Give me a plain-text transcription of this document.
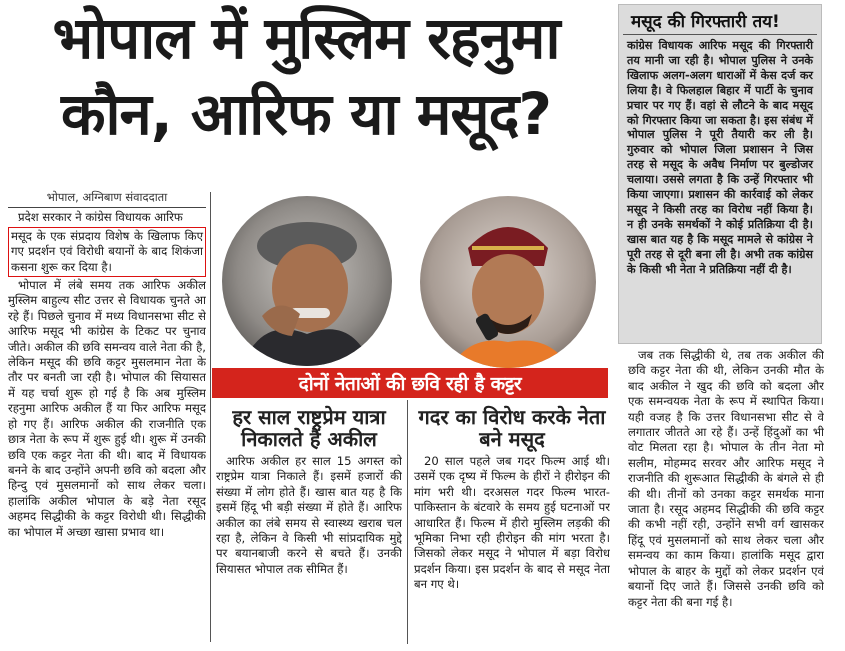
भोपाल में मुस्लिम रहनुमा
कौन, आरिफ या मसूद?
भोपाल, अग्निबाण संवाददाता

प्रदेश सरकार ने कांग्रेस विधायक आरिफ

मसूद के एक संप्रदाय विशेष के खिलाफ किए गए प्रदर्शन एवं विरोधी बयानों के बाद शिकंजा कसना शुरू कर दिया है।

भोपाल में लंबे समय तक आरिफ अकील मुस्लिम बाहुल्य सीट उत्तर से विधायक चुनते आ रहे हैं। पिछले चुनाव में मध्य विधानसभा सीट से आरिफ मसूद भी कांग्रेस के टिकट पर चुनाव जीते। अकील की छवि समन्वय वाले नेता की है, लेकिन मसूद की छवि कट्टर मुसलमान नेता के तौर पर बनती जा रही है। भोपाल की सियासत में यह चर्चा शुरू हो गई है कि अब मुस्लिम रहनुमा आरिफ अकील हैं या फिर आरिफ मसूद हो गए हैं। आरिफ अकील की राजनीति एक छात्र नेता के रूप में शुरू हुई थी। शुरू में उनकी छवि एक कट्टर नेता की थी। बाद में विधायक बनने के बाद उन्होंने अपनी छवि को बदला और हिन्दु एवं मुसलमानों को साथ लेकर चला। हालांकि अकील भोपाल के बड़े नेता रसूद अहमद सिद्धीकी के कट्टर विरोधी थी। सिद्धीकी का भोपाल में अच्छा खासा प्रभाव था।

दोनों नेताओं की छवि रही है कट्टर
हर साल राष्ट्रप्रेम यात्रा निकालते हैं अकील

आरिफ अकील हर साल 15 अगस्त को राष्ट्रप्रेम यात्रा निकाले हैं। इसमें हजारों की संख्या में लोग होते हैं। खास बात यह है कि इसमें हिंदू भी बड़ी संख्या में होते हैं। आरिफ अकील का लंबे समय से स्वास्थ्य खराब चल रहा है, लेकिन वे किसी भी सांप्रदायिक मुद्दे पर बयानबाजी करने से बचते हैं। उनकी सियासत भोपाल तक सीमित हैं।

गदर का विरोध करके नेता बने मसूद

20 साल पहले जब गदर फिल्म आई थी। उसमें एक दृष्य में फिल्म के हीरों ने हीरोइन की मांग भरी थी। दरअसल गदर फिल्म भारत-पाकिस्तान के बंटवारे के समय हुई घटनाओं पर आधारित हैं। फिल्म में हीरो मुस्लिम लड़की की भूमिका निभा रही हीरोइन की मांग भरता है। जिसको लेकर मसूद ने भोपाल में बड़ा विरोध प्रदर्शन किया। इस प्रदर्शन के बाद से मसूद नेता बन गए थे।

मसूद की गिरफ्तारी तय!
कांग्रेस विधायक आरिफ मसूद की गिरफ्तारी तय मानी जा रही है। भोपाल पुलिस ने उनके खिलाफ अलग-अलग धाराओं में केस दर्ज कर लिया है। वे फिलहाल बिहार में पार्टी के चुनाव प्रचार पर गए हैं। वहां से लौटने के बाद मसूद को गिरफ्तार किया जा सकता है। इस संबंध में भोपाल पुलिस ने पूरी तैयारी कर ली है। गुरुवार को भोपाल जिला प्रशासन ने जिस तरह से मसूद के अवैध निर्माण पर बुल्डोजर चलाया। उससे लगता है कि उन्हें गिरफ्तार भी किया जाएगा। प्रशासन की कार्रवाई को लेकर मसूद ने किसी तरह का विरोध नहीं किया है। न ही उनके समर्थकों ने कोई प्रतिक्रिया दी है। खास बात यह है कि मसूद मामले से कांग्रेस ने पूरी तरह से दूरी बना ली है। अभी तक कांग्रेस के किसी भी नेता ने प्रतिक्रिया नहीं दी है।

जब तक सिद्धीकी थे, तब तक अकील की छवि कट्टर नेता की थी, लेकिन उनकी मौत के बाद अकील ने खुद की छवि को बदला और एक समन्वयक नेता के रूप में स्थापित किया। यही वजह है कि उत्तर विधानसभा सीट से वे लगातार जीतते आ रहे हैं। उन्हें हिंदुओं का भी वोट मिलता रहा है। भोपाल के तीन नेता मो सलीम, मोहम्मद सरवर और आरिफ मसूद ने राजनीति की शुरूआत सिद्धीकी के बंगले से ही की थी। तीनों को उनका कट्टर समर्थक माना जाता है। रसूद अहमद सिद्धीकी की छवि कट्टर की कभी नहीं रही, उन्होंने सभी वर्ग खासकर हिंदू एवं मुसलमानों को साथ लेकर चला और समन्वय का काम किया। हालांकि मसूद द्वारा भोपाल के बाहर के मुद्दों को लेकर प्रदर्शन एवं बयानों दिए जाते हैं। जिससे उनकी छवि को कट्टर नेता की बना गई है।
